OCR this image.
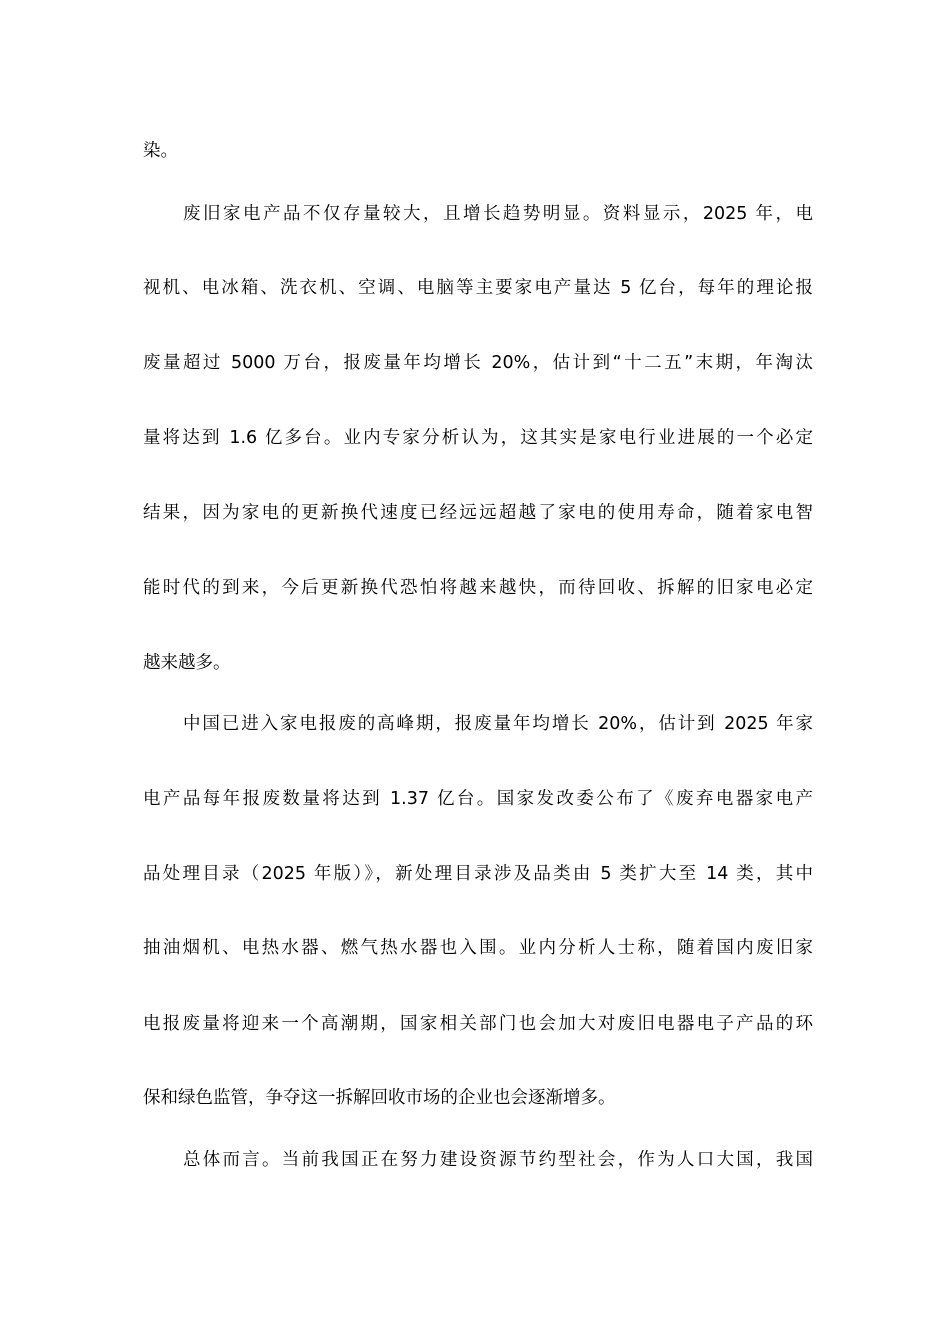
染。
废旧家电产品不仅存量较大，且增长趋势明显。资料显示，2025 年，电
视机、电冰箱、洗衣机、空调、电脑等主要家电产量达 5 亿台，每年的理论报
废量超过 5000 万台，报废量年均增长 20%，估计到“十二五”末期，年淘汰
量将达到 1.6 亿多台。业内专家分析认为，这其实是家电行业进展的一个必定
结果，因为家电的更新换代速度已经远远超越了家电的使用寿命，随着家电智
能时代的到来，今后更新换代恐怕将越来越快，而待回收、拆解的旧家电必定
越来越多。
中国已进入家电报废的高峰期，报废量年均增长 20%，估计到 2025 年家
电产品每年报废数量将达到 1.37 亿台。国家发改委公布了《废弃电器家电产
品处理目录（2025 年版）》，新处理目录涉及品类由 5 类扩大至 14 类，其中
抽油烟机、电热水器、燃气热水器也入围。业内分析人士称，随着国内废旧家
电报废量将迎来一个高潮期，国家相关部门也会加大对废旧电器电子产品的环
保和绿色监管，争夺这一拆解回收市场的企业也会逐渐增多。
总体而言。当前我国正在努力建设资源节约型社会，作为人口大国，我国
